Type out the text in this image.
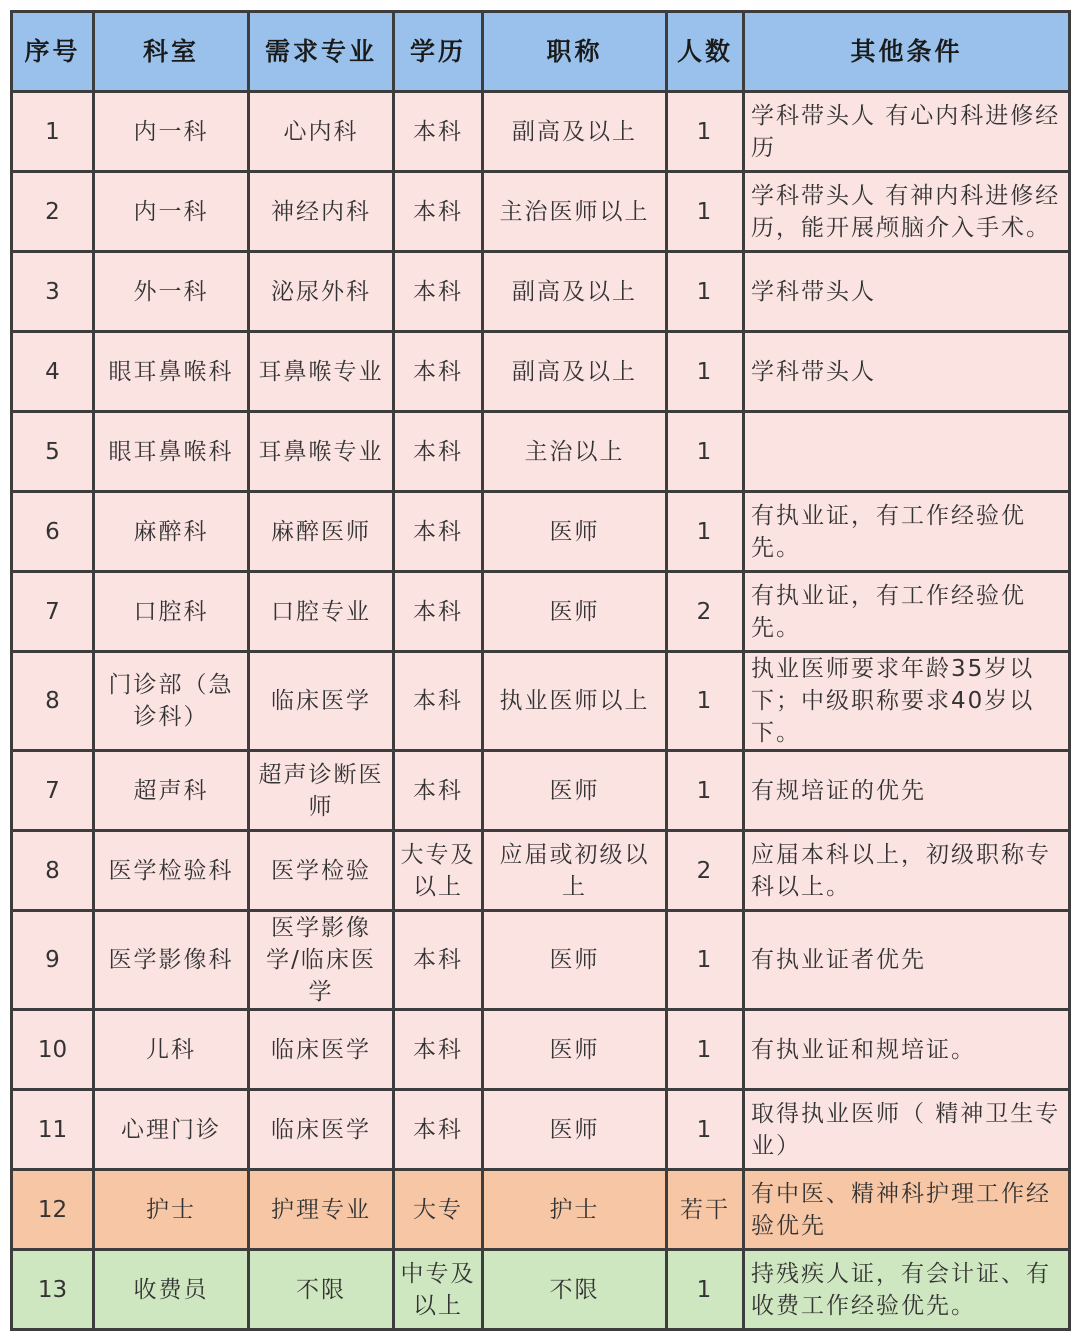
序号	科室	需求专业	学历	职称	人数	其他条件
1	内一科	心内科	本科	副高及以上	1	学科带头人 有心内科进修经历
2	内一科	神经内科	本科	主治医师以上	1	学科带头人 有神内科进修经历，能开展颅脑介入手术。
3	外一科	泌尿外科	本科	副高及以上	1	学科带头人
4	眼耳鼻喉科	耳鼻喉专业	本科	副高及以上	1	学科带头人
5	眼耳鼻喉科	耳鼻喉专业	本科	主治以上	1	
6	麻醉科	麻醉医师	本科	医师	1	有执业证，有工作经验优先。
7	口腔科	口腔专业	本科	医师	2	有执业证，有工作经验优先。
8	门诊部（急诊科）	临床医学	本科	执业医师以上	1	执业医师要求年龄35岁以下；中级职称要求40岁以下。
7	超声科	超声诊断医师	本科	医师	1	有规培证的优先
8	医学检验科	医学检验	大专及以上	应届或初级以上	2	应届本科以上，初级职称专科以上。
9	医学影像科	医学影像学/临床医学	本科	医师	1	有执业证者优先
10	儿科	临床医学	本科	医师	1	有执业证和规培证。
11	心理门诊	临床医学	本科	医师	1	取得执业医师（ 精神卫生专业）
12	护士	护理专业	大专	护士	若干	有中医、精神科护理工作经验优先
13	收费员	不限	中专及以上	不限	1	持残疾人证，有会计证、有收费工作经验优先。
